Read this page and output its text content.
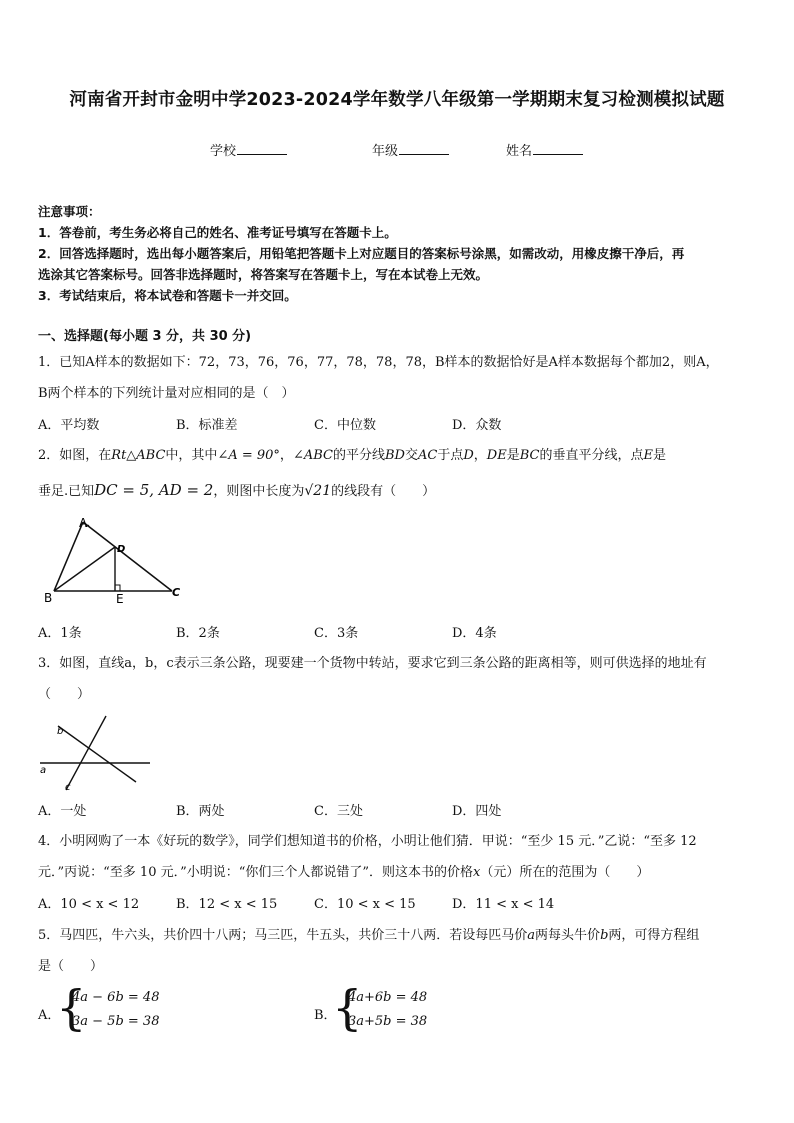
河南省开封市金明中学2023-2024学年数学八年级第一学期期末复习检测模拟试题
学校	年级	姓名
注意事项：
1．答卷前，考生务必将自己的姓名、准考证号填写在答题卡上。
2．回答选择题时，选出每小题答案后，用铅笔把答题卡上对应题目的答案标号涂黑，如需改动，用橡皮擦干净后，再
选涂其它答案标号。回答非选择题时，将答案写在答题卡上，写在本试卷上无效。
3．考试结束后，将本试卷和答题卡一并交回。
一、选择题(每小题 3 分，共 30 分)
1．已知A样本的数据如下：72，73，76，76，77，78，78，78，B样本的数据恰好是A样本数据每个都加2，则A，
B两个样本的下列统计量对应相同的是（　）
A．平均数	B．标准差	C．中位数	D．众数
2．如图，在Rt△ABC中，其中∠A = 90°，∠ABC的平分线BD交AC于点D，DE是BC的垂直平分线，点E是
垂足.已知DC = 5, AD = 2，则图中长度为√21的线段有（　　）
A
D
B	E	C
A．1条	B．2条	C．3条	D．4条
3．如图，直线a，b，c表示三条公路，现要建一个货物中转站，要求它到三条公路的距离相等，则可供选择的地址有
（　　）
b
a
c
A．一处	B．两处	C．三处	D．四处
4．小明网购了一本《好玩的数学》，同学们想知道书的价格，小明让他们猜．甲说：“至少 15 元．”乙说：“至多 12
元．”丙说：“至多 10 元．”小明说：“你们三个人都说错了”．则这本书的价格x（元）所在的范围为（　　）
A．10 < x < 12	B．12 < x < 15	C．10 < x < 15	D．11 < x < 14
5．马四匹，牛六头，共价四十八两；马三匹，牛五头，共价三十八两．若设每匹马价a两每头牛价b两，可得方程组
是（　　）
A．
{
4a − 6b = 48
3a − 5b = 38	B．
{
4a+6b = 48
3a+5b = 38
